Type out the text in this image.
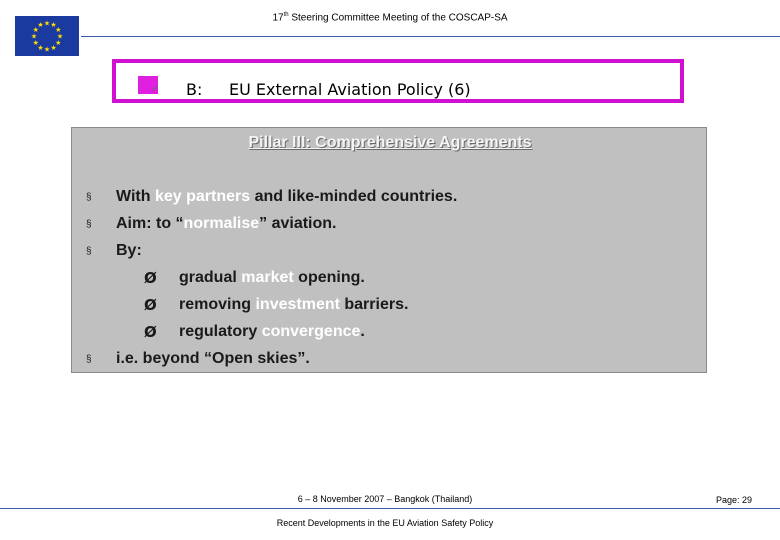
★ ★
★
★
★
★
★
★
★
★
★
★
17th Steering Committee Meeting of the COSCAP-SA
B: EU External Aviation Policy (6)
Pillar III: Comprehensive Agreements
§ With key partners and like-minded countries.
§ Aim: to “normalise” aviation.
§ By:
Ø gradual market opening.
Ø removing investment barriers.
Ø regulatory convergence.
§ i.e. beyond “Open skies”.
6 – 8 November 2007 – Bangkok (Thailand)	Page: 29
Recent Developments in the EU Aviation Safety Policy
